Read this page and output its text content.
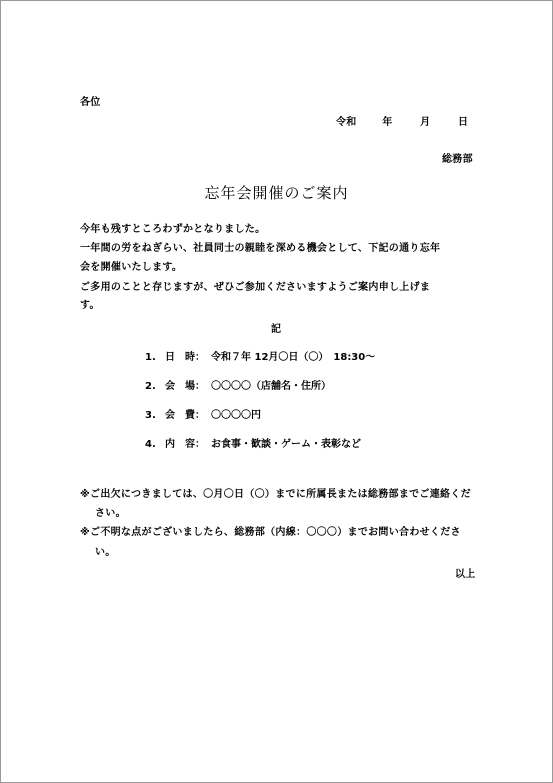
各位
令和	年	月	日
総務部
忘年会開催のご案内
今年も残すところわずかとなりました。
一年間の労をねぎらい、社員同士の親睦を深める機会として、下記の通り忘年
会を開催いたします。
ご多用のことと存じますが、ぜひご参加くださいますようご案内申し上げま
す。
記
1. 日　時： 令和７年 12月〇日（〇）　18:30〜
2. 会　場： 〇〇〇〇（店舗名・住所）
3. 会　費： 〇〇〇〇円
4. 内　容： お食事・歓談・ゲーム・表彰など
※ご出欠につきましては、〇月〇日（〇）までに所属長または総務部までご連絡くだ
さい。
※ご不明な点がございましたら、総務部（内線：〇〇〇）までお問い合わせくださ
い。
以上
